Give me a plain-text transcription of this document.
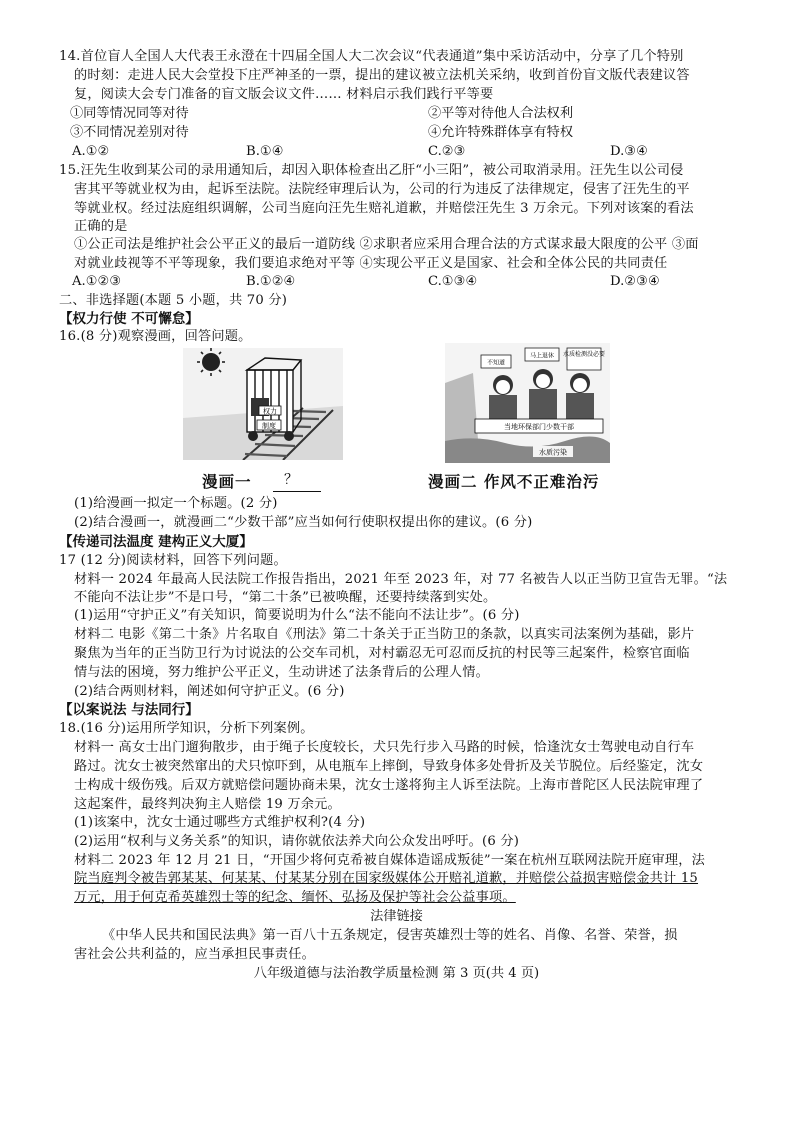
14.首位盲人全国人大代表王永澄在十四届全国人大二次会议“代表通道”集中采访活动中，分享了几个特别
的时刻：走进人民大会堂投下庄严神圣的一票，提出的建议被立法机关采纳，收到首份盲文版代表建议答
复，阅读大会专门准备的盲文版会议文件…… 材料启示我们践行平等要
①同等情况同等对待	②平等对待他人合法权利
③不同情况差别对待	④允许特殊群体享有特权
A.①②	B.①④	C.②③	D.③④
15.汪先生收到某公司的录用通知后，却因入职体检查出乙肝“小三阳”，被公司取消录用。汪先生以公司侵
害其平等就业权为由，起诉至法院。法院经审理后认为，公司的行为违反了法律规定，侵害了汪先生的平
等就业权。经过法庭组织调解，公司当庭向汪先生赔礼道歉，并赔偿汪先生 3 万余元。下列对该案的看法
正确的是
①公正司法是维护社会公平正义的最后一道防线 ②求职者应采用合理合法的方式谋求最大限度的公平 ③面
对就业歧视等不平等现象，我们要追求绝对平等 ④实现公平正义是国家、社会和全体公民的共同责任
A.①②③	B.①②④	C.①③④	D.②③④
二、非选择题(本题 5 小题，共 70 分)
【权力行使 不可懈怠】
16.(8 分)观察漫画，回答问题。
权力
制度
不知道
马上退休 水质检测没必要
当地环保部门少数干部
水质污染
漫画一 ？	漫画二 作风不正难治污
(1)给漫画一拟定一个标题。(2 分)
(2)结合漫画一，就漫画二“少数干部”应当如何行使职权提出你的建议。(6 分)
【传递司法温度 建构正义大厦】
17 (12 分)阅读材料，回答下列问题。
材料一 2024 年最高人民法院工作报告指出，2021 年至 2023 年，对 77 名被告人以正当防卫宣告无罪。“法
不能向不法让步”不是口号，“第二十条”已被唤醒，还要持续落到实处。
(1)运用“守护正义”有关知识，简要说明为什么“法不能向不法让步”。(6 分)
材料二 电影《第二十条》片名取自《刑法》第二十条关于正当防卫的条款，以真实司法案例为基础，影片
聚焦为当年的正当防卫行为讨说法的公交车司机，对村霸忍无可忍而反抗的村民等三起案件，检察官面临
情与法的困境，努力维护公平正义，生动讲述了法条背后的公理人情。
(2)结合两则材料，阐述如何守护正义。(6 分)
【以案说法 与法同行】
18.(16 分)运用所学知识，分析下列案例。
材料一 高女士出门遛狗散步，由于绳子长度较长，犬只先行步入马路的时候，恰逢沈女士驾驶电动自行车
路过。沈女士被突然窜出的犬只惊吓到，从电瓶车上摔倒，导致身体多处骨折及关节脱位。后经鉴定，沈女
士构成十级伤残。后双方就赔偿问题协商未果，沈女士遂将狗主人诉至法院。上海市普陀区人民法院审理了
这起案件，最终判决狗主人赔偿 19 万余元。
(1)该案中，沈女士通过哪些方式维护权利?(4 分)
(2)运用“权利与义务关系”的知识，请你就依法养犬向公众发出呼吁。(6 分)
材料二 2023 年 12 月 21 日，“开国少将何克希被自媒体造谣成叛徒”一案在杭州互联网法院开庭审理，法
院当庭判令被告郭某某、何某某、付某某分别在国家级媒体公开赔礼道歉，并赔偿公益损害赔偿金共计 15
万元，用于何克希英雄烈士等的纪念、缅怀、弘扬及保护等社会公益事项。
法律链接
《中华人民共和国民法典》第一百八十五条规定，侵害英雄烈士等的姓名、肖像、名誉、荣誉，损
害社会公共利益的，应当承担民事责任。
八年级道德与法治教学质量检测 第 3 页(共 4 页)
